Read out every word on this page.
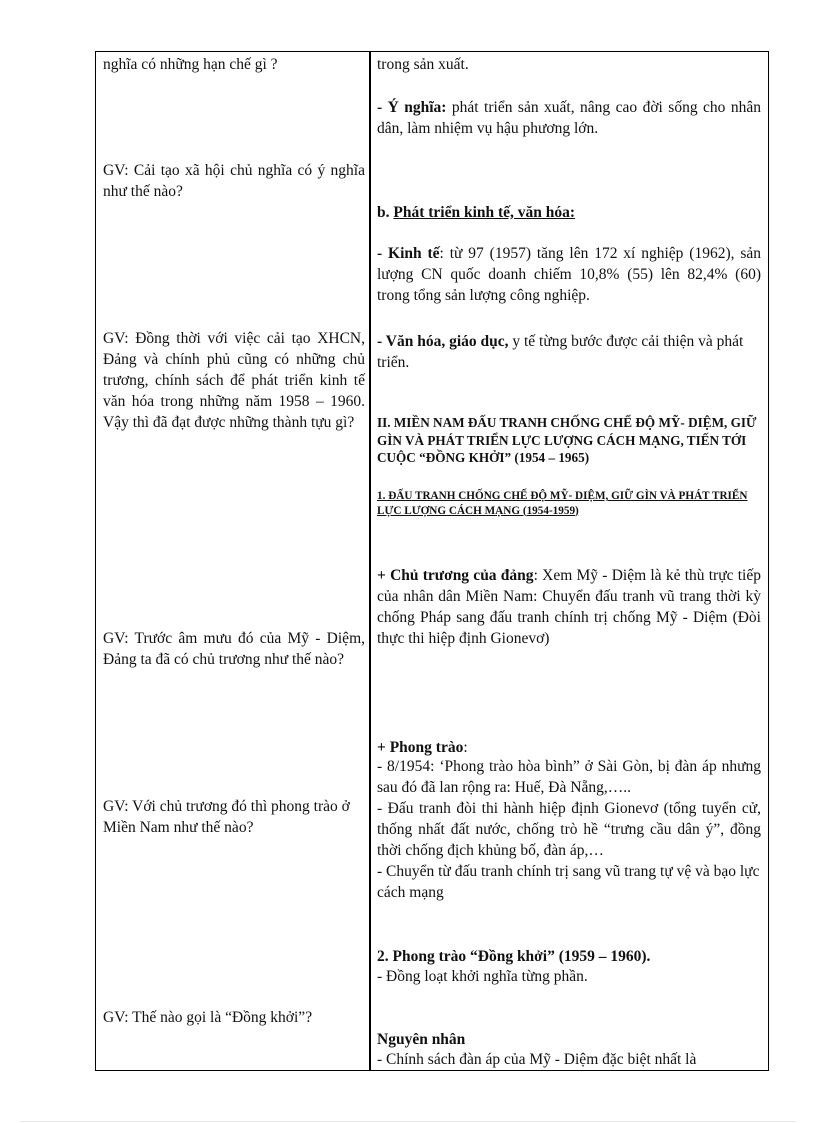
nghĩa có những hạn chế gì ?

GV: Cải tạo xã hội chủ nghĩa có ý nghĩa như thế nào?

GV: Đồng thời với việc cải tạo XHCN, Đảng và chính phủ cũng có những chủ trương, chính sách để phát triển kinh tế văn hóa trong những năm 1958 – 1960. Vậy thì đã đạt được những thành tựu gì?

GV: Trước âm mưu đó của Mỹ - Diệm, Đảng ta đã có chủ trương như thế nào?

GV: Với chủ trương đó thì phong trào ở Miền Nam như thế nào?

GV: Thế nào gọi là “Đồng khởi”?

trong sản xuất.

- Ý nghĩa: phát triển sản xuất, nâng cao đời sống cho nhân dân, làm nhiệm vụ hậu phương lớn.

b. Phát triển kinh tế, văn hóa:

- Kinh tế: từ 97 (1957) tăng lên 172 xí nghiệp (1962), sản lượng CN quốc doanh chiếm 10,8% (55) lên 82,4% (60) trong tổng sản lượng công nghiệp.

- Văn hóa, giáo dục, y tế từng bước được cải thiện và phát triển.

II. MIỀN NAM ĐẤU TRANH CHỐNG CHẾ ĐỘ MỸ- DIỆM, GIỮ GÌN VÀ PHÁT TRIỂN LỰC LƯỢNG CÁCH MẠNG, TIẾN TỚI CUỘC “ĐỒNG KHỞI” (1954 – 1965)

1. ĐẤU TRANH CHỐNG CHẾ ĐỘ MỸ- DIỆM, GIỮ GÌN VÀ PHÁT TRIỂN LỰC LƯỢNG CÁCH MẠNG (1954-1959)

+ Chủ trương của đảng: Xem Mỹ - Diệm là kẻ thù trực tiếp của nhân dân Miền Nam: Chuyển đấu tranh vũ trang thời kỳ chống Pháp sang đấu tranh chính trị chống Mỹ - Diệm (Đòi thực thi hiệp định Gionevơ)

+ Phong trào:

- 8/1954: ‘Phong trào hòa bình” ở Sài Gòn, bị đàn áp nhưng sau đó đã lan rộng ra: Huế, Đà Nẵng,…..

- Đấu tranh đòi thi hành hiệp định Gionevơ (tổng tuyển cử, thống nhất đất nước, chống trò hề “trưng cầu dân ý”, đồng thời chống địch khủng bố, đàn áp,…

- Chuyển từ đấu tranh chính trị sang vũ trang tự vệ và bạo lực cách mạng

2. Phong trào “Đồng khởi” (1959 – 1960).

- Đồng loạt khởi nghĩa từng phần.

Nguyên nhân

- Chính sách đàn áp của Mỹ - Diệm đặc biệt nhất là
